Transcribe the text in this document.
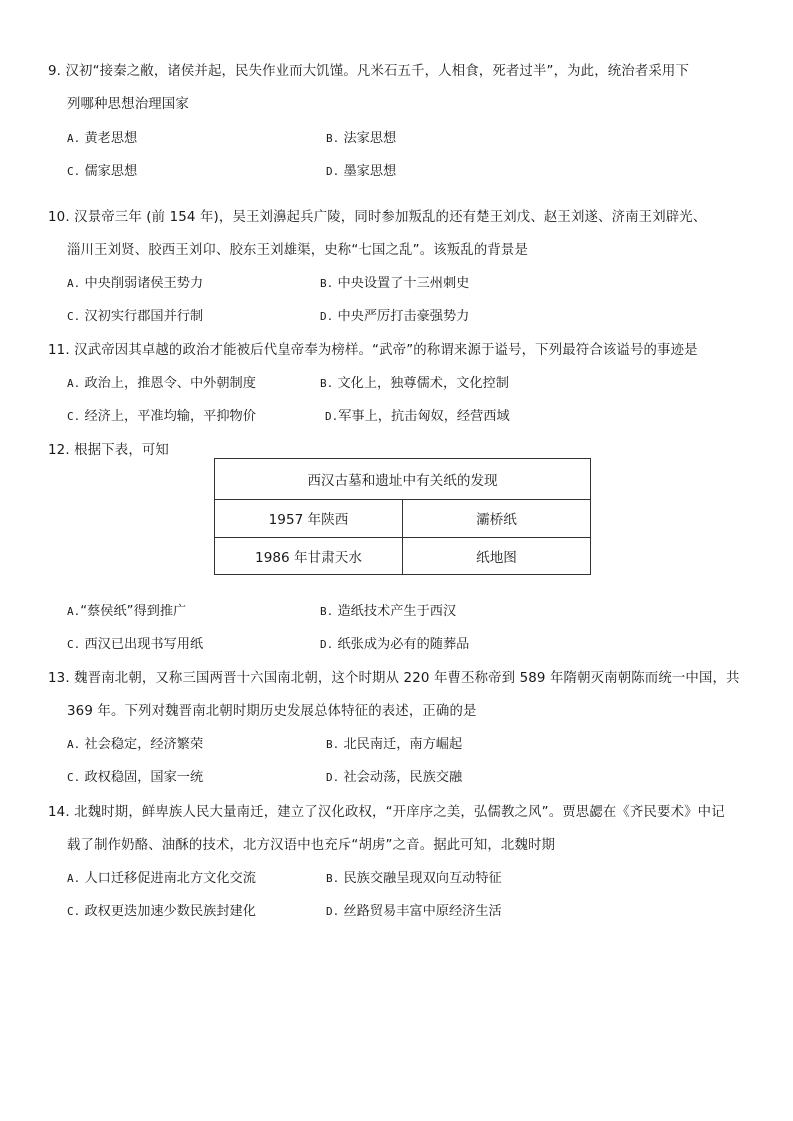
9. 汉初“接秦之敝，诸侯并起，民失作业而大饥馑。凡米石五千，人相食，死者过半”，为此，统治者采用下
列哪种思想治理国家
A. 黄老思想	B. 法家思想
C. 儒家思想	D. 墨家思想
10. 汉景帝三年 (前 154 年)，吴王刘濞起兵广陵，同时参加叛乱的还有楚王刘戊、赵王刘遂、济南王刘辟光、
淄川王刘贤、胶西王刘卬、胶东王刘雄渠，史称“七国之乱”。该叛乱的背景是
A. 中央削弱诸侯王势力	B. 中央设置了十三州刺史
C. 汉初实行郡国并行制	D. 中央严厉打击豪强势力
11. 汉武帝因其卓越的政治才能被后代皇帝奉为榜样。“武帝”的称谓来源于谥号，下列最符合该谥号的事迹是
A. 政治上，推恩令、中外朝制度	B. 文化上，独尊儒术，文化控制
C. 经济上，平准均输，平抑物价	D.军事上，抗击匈奴，经营西域
12. 根据下表，可知
西汉古墓和遗址中有关纸的发现	
1957 年陕西	灞桥纸
1986 年甘肃天水	纸地图
A.“蔡侯纸”得到推广	B. 造纸技术产生于西汉
C. 西汉已出现书写用纸	D. 纸张成为必有的随葬品
13. 魏晋南北朝，又称三国两晋十六国南北朝，这个时期从 220 年曹丕称帝到 589 年隋朝灭南朝陈而统一中国，共
369 年。下列对魏晋南北朝时期历史发展总体特征的表述，正确的是
A. 社会稳定，经济繁荣	B. 北民南迁，南方崛起
C. 政权稳固，国家一统	D. 社会动荡，民族交融
14. 北魏时期，鲜卑族人民大量南迁，建立了汉化政权，“开庠序之美，弘儒教之风”。贾思勰在《齐民要术》中记
载了制作奶酪、油酥的技术，北方汉语中也充斥“胡虏”之音。据此可知，北魏时期
A. 人口迁移促进南北方文化交流	B. 民族交融呈现双向互动特征
C. 政权更迭加速少数民族封建化	D. 丝路贸易丰富中原经济生活
